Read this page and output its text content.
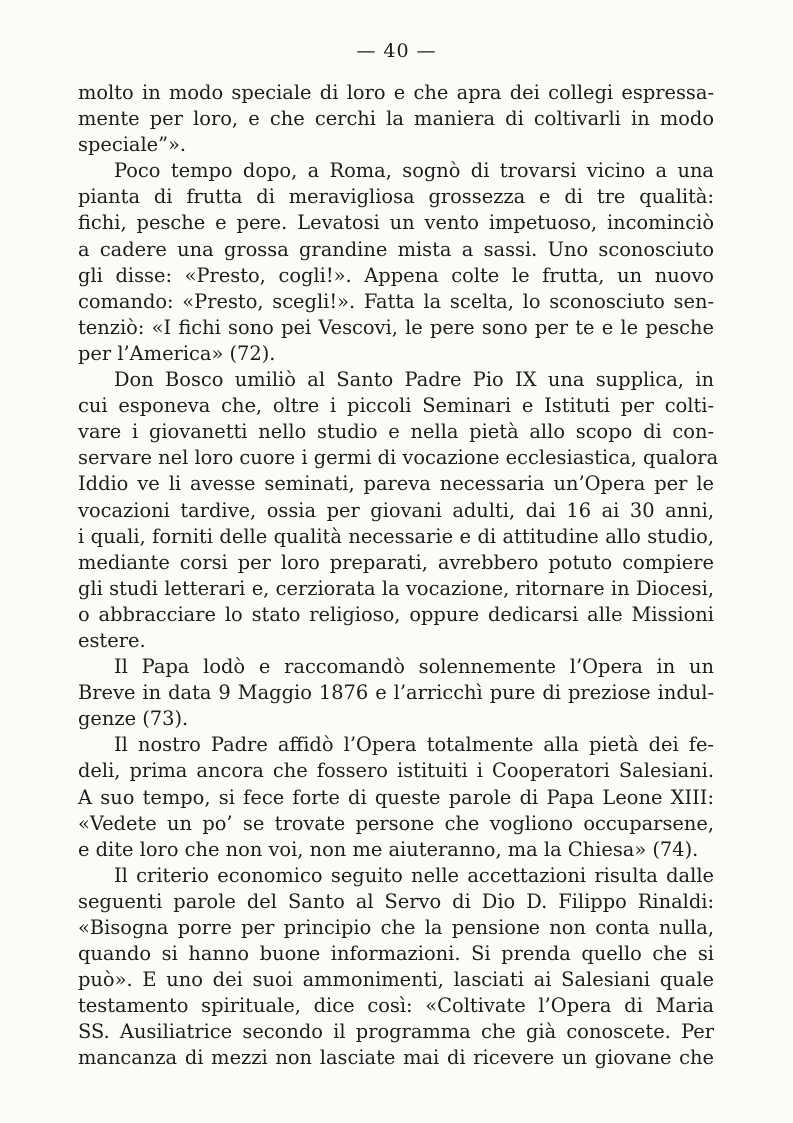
— 40 —
molto in modo speciale di loro e che apra dei collegi espressa-
mente per loro, e che cerchi la maniera di coltivarli in modo
speciale”».
Poco tempo dopo, a Roma, sognò di trovarsi vicino a una
pianta di frutta di meravigliosa grossezza e di tre qualità:
fichi, pesche e pere. Levatosi un vento impetuoso, incominciò
a cadere una grossa grandine mista a sassi. Uno sconosciuto
gli disse: «Presto, cogli!». Appena colte le frutta, un nuovo
comando: «Presto, scegli!». Fatta la scelta, lo sconosciuto sen-
tenziò: «I fichi sono pei Vescovi, le pere sono per te e le pesche
per l’America» (72).
Don Bosco umiliò al Santo Padre Pio IX una supplica, in
cui esponeva che, oltre i piccoli Seminari e Istituti per colti-
vare i giovanetti nello studio e nella pietà allo scopo di con-
servare nel loro cuore i germi di vocazione ecclesiastica, qualora
Iddio ve li avesse seminati, pareva necessaria un’Opera per le
vocazioni tardive, ossia per giovani adulti, dai 16 ai 30 anni,
i quali, forniti delle qualità necessarie e di attitudine allo studio,
mediante corsi per loro preparati, avrebbero potuto compiere
gli studi letterari e, cerziorata la vocazione, ritornare in Diocesi,
o abbracciare lo stato religioso, oppure dedicarsi alle Missioni
estere.
Il Papa lodò e raccomandò solennemente l’Opera in un
Breve in data 9 Maggio 1876 e l’arricchì pure di preziose indul-
genze (73).
Il nostro Padre affidò l’Opera totalmente alla pietà dei fe-
deli, prima ancora che fossero istituiti i Cooperatori Salesiani.
A suo tempo, si fece forte di queste parole di Papa Leone XIII:
«Vedete un po’ se trovate persone che vogliono occuparsene,
e dite loro che non voi, non me aiuteranno, ma la Chiesa» (74).
Il criterio economico seguito nelle accettazioni risulta dalle
seguenti parole del Santo al Servo di Dio D. Filippo Rinaldi:
«Bisogna porre per principio che la pensione non conta nulla,
quando si hanno buone informazioni. Si prenda quello che si
può». E uno dei suoi ammonimenti, lasciati ai Salesiani quale
testamento spirituale, dice così: «Coltivate l’Opera di Maria
SS. Ausiliatrice secondo il programma che già conoscete. Per
mancanza di mezzi non lasciate mai di ricevere un giovane che
